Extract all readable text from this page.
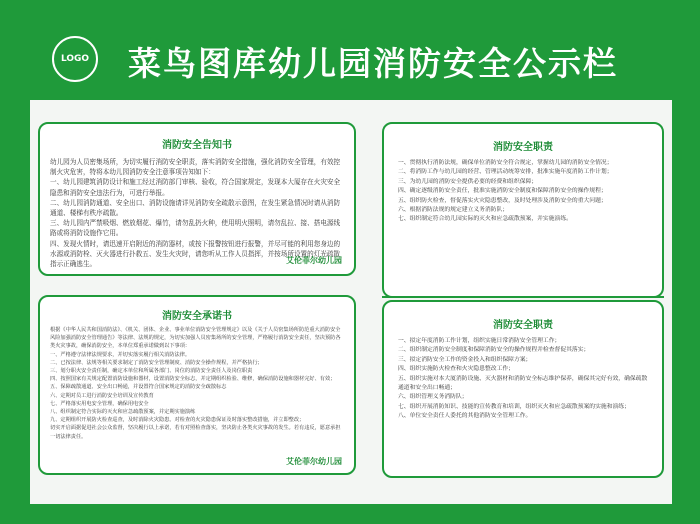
LOGO 菜鸟图库幼儿园消防安全公示栏
消防安全告知书

幼儿园为人员密集场所，为切实履行消防安全职责，落实消防安全措施，强化消防安全管理，有效控制火灾危害，特将本幼儿园消防安全注意事项告知如下：

一、幼儿园建筑消防设计和施工经过消防部门审核、验收，符合国家规定，发现本大厦存在火灾安全隐患和消防安全违法行为，可进行举报。

二、幼儿园消防通道、安全出口、消防设施请详见消防安全疏散示意图，在发生紧急情况时请从消防通道、楼梯有秩序疏散。

三、幼儿园内严禁吸烟、燃放烟花、爆竹，请勿乱扔火种，使用明火照明，请勿乱拉、接、搭电源线路或将消防设施作它用。

四、发现火情时，请迅速开启附近的消防器材，或按下报警按钮进行报警，并尽可能的利用您身边的水源或消防栓、灭火器进行扑救五、发生火灾时，请您听从工作人员指挥，并按场所设置的灯光疏散指示正确逃生。	艾伦菲尔幼儿园
消防安全承诺书

根据《中华人民共和国消防法》、《机关、团体、企业、事业单位消防安全管理规定》以及《关于人员密集场所防范重大消防安全风险加强消防安全管理通告》等法律、法规的规定，为切实加强人员密集场所的安全管理，严格履行消防安全责任，坚决预防各类火灾事故，确保消防安全，本单位郑重承诺做到以下事项：

一、严格遵守法律法规要求，并切实落实履行相关消防法律。

二、已按法律、法规等相关要求制定了消防安全管理制度、消防安全操作规程，并严格执行；

三、划分职火安全责任制，确定本单位和所属各部门、岗位的消防安全责任人及岗位职责

四、按照国家有关规定配置消防设施和器材，设置消防安全标志，并定期组织检验、维修，确保消防设施和器材完好、有效；

五、保障疏散通道、安全出口畅通，并设置符合国家规定的消防安全疏散标志

六、定期对员工进行消防安全培训及宣传教育

七、严格落实用电安全管理，确保用电安全

八、组织制定符合实际的灭火和应急疏散预案，并定期实施演练

九、定期组织开展防火检查巡查，及时消除火灾隐患。对检查的火灾隐患保证及时落实整改措施，并立即整改；

切实开启面据促进社会公众监督，坚决履行以上承诺，若有对照检查落实，坚决防止各类火灾事故的发生。若有违反，愿意承担一切法律责任。

艾伦菲尔幼儿园
消防安全职责

一、贯彻执行消防法规，确保单位消防安全符合规定，掌握幼儿园的消防安全情况；

二、将消防工作与幼儿园的经营、管理活动统筹安排，批准实施年度消防工作计划；

三、为幼儿园的消防安全提供必要的经费和组织保障；

四、确定逐级消防安全责任，批准实施消防安全制度和保障消防安全的操作规程；

五、组织防火检查，督促落实火灾隐患整改，及时处理涉及消防安全的重大问题；

六、根据消防法规的规定建立义务消防队；

七、组织制定符合幼儿园实际的灭火和应急疏散预案，并实施演练。

消防安全职责

一、拟定年度消防工作计划，组织实施日常消防安全管理工作；

二、组织制定消防安全制度和保障消防安全的操作规程并检查督促其落实；

三、拟定消防安全工作的资金投入和组织保障方案；

四、组织实施防火检查和火灾隐患整改工作；

五、组织实施对本大厦消防设施、灭火器材和消防安全标志维护保养，确保其完好有效，确保疏散通道和安全出口畅通；

六、组织管理义务消防队；

七、组织开展消防知识、技能的宣传教育和培训，组织灭火和应急疏散预案的实施和演练；

八、单位安全责任人委托的其他消防安全管理工作。
